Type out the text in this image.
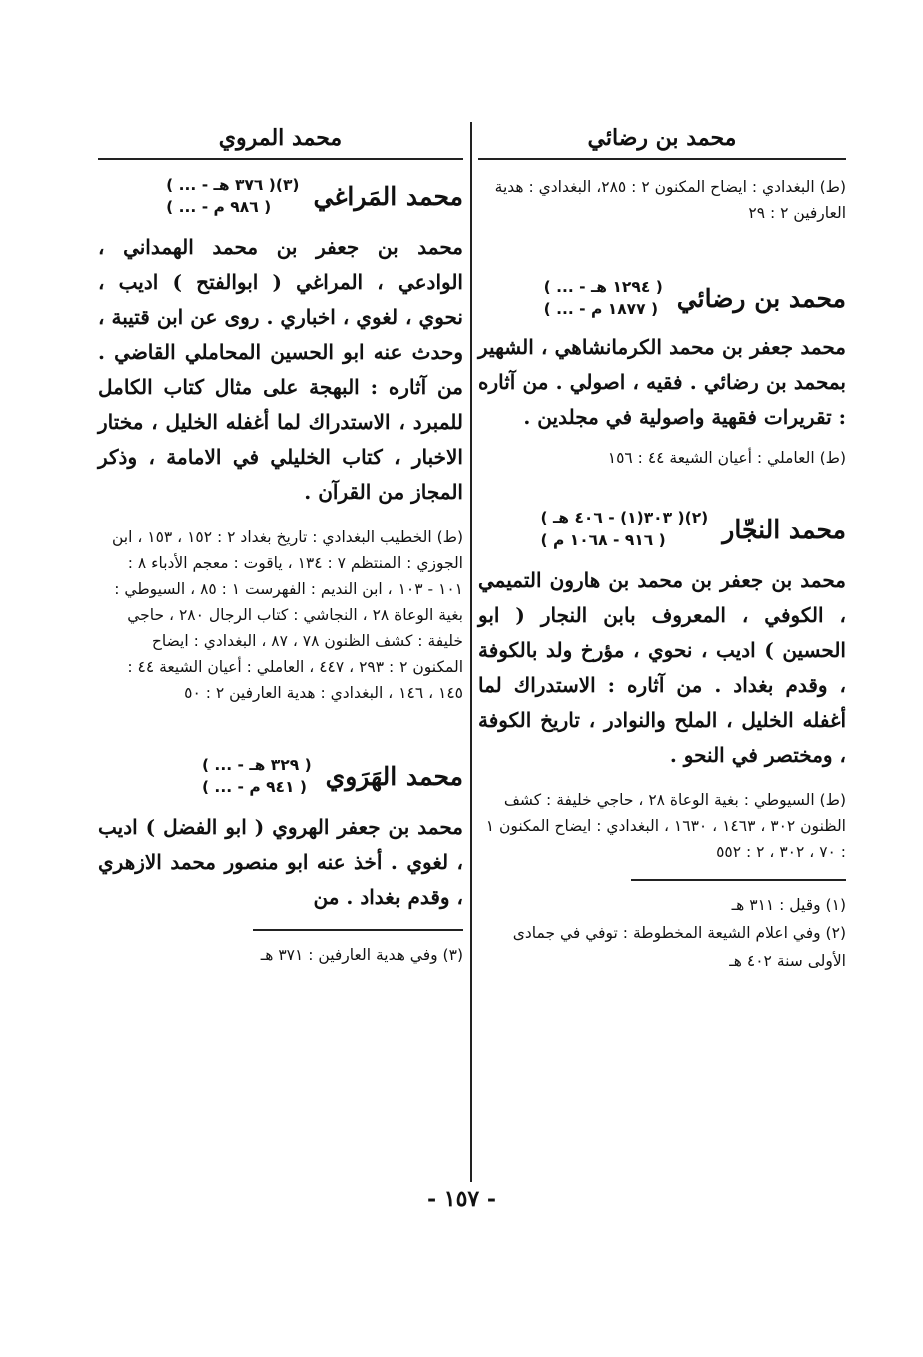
محمد بن رضائي
(ط) البغدادي : ايضاح المكنون ٢ : ٢٨٥، البغدادي : هدية العارفين ٢ : ٢٩
محمد بن رضائي
( ... - ١٢٩٤ هـ )
( ... - ١٨٧٧ م )
محمد جعفر بن محمد الكرمانشاهي ، الشهير بمحمد بن رضائي . فقيه ، اصولي . من آثاره : تقريرات فقهية واصولية في مجلدين .
(ط) العاملي : أعيان الشيعة ٤٤ : ١٥٦
محمد النجّار
( ٣٠٣(١) - ٤٠٦ هـ )(٢)
( ٩١٦ - ١٠٦٨ م )
محمد بن جعفر بن محمد بن هارون التميمي ، الكوفي ، المعروف بابن النجار ( ابو الحسين ) اديب ، نحوي ، مؤرخ ولد بالكوفة ، وقدم بغداد . من آثاره : الاستدراك لما أغفله الخليل ، الملح والنوادر ، تاريخ الكوفة ، ومختصر في النحو .
(ط) السيوطي : بغية الوعاة ٢٨ ، حاجي خليفة : كشف الظنون ٣٠٢ ، ١٤٦٣ ، ١٦٣٠ ، البغدادي : ايضاح المكنون ١ : ٧٠ ، ٣٠٢ ، ٢ : ٥٥٢
(١) وقيل : ٣١١ هـ
(٢) وفي اعلام الشيعة المخطوطة : توفي في جمادى الأولى سنة ٤٠٢ هـ
محمد المروي
محمد المَراغي
( ... - ٣٧٦ هـ )(٣)
( ... - ٩٨٦ م )
محمد بن جعفر بن محمد الهمداني ، الوادعي ، المراغي ( ابوالفتح ) اديب ، نحوي ، لغوي ، اخباري . روى عن ابن قتيبة ، وحدث عنه ابو الحسين المحاملي القاضي . من آثاره : البهجة على مثال كتاب الكامل للمبرد ، الاستدراك لما أغفله الخليل ، مختار الاخبار ، كتاب الخليلي في الامامة ، وذكر المجاز من القرآن .
(ط) الخطيب البغدادي : تاريخ بغداد ٢ : ١٥٢ ، ١٥٣ ، ابن الجوزي : المنتظم ٧ : ١٣٤ ، ياقوت : معجم الأدباء ٨ : ١٠١ - ١٠٣ ، ابن النديم : الفهرست ١ : ٨٥ ، السيوطي : بغية الوعاة ٢٨ ، النجاشي : كتاب الرجال ٢٨٠ ، حاجي خليفة : كشف الظنون ٧٨ ، ٨٧ ، البغدادي : ايضاح المكنون ٢ : ٢٩٣ ، ٤٤٧ ، العاملي : أعيان الشيعة ٤٤ : ١٤٥ ، ١٤٦ ، البغدادي : هدية العارفين ٢ : ٥٠
محمد الهَرَوي
( ... - ٣٢٩ هـ )
( ... - ٩٤١ م )
محمد بن جعفر الهروي ( ابو الفضل ) اديب ، لغوي . أخذ عنه ابو منصور محمد الازهري ، وقدم بغداد . من
(٣) وفي هدية العارفين : ٣٧١ هـ
- ١٥٧ -
